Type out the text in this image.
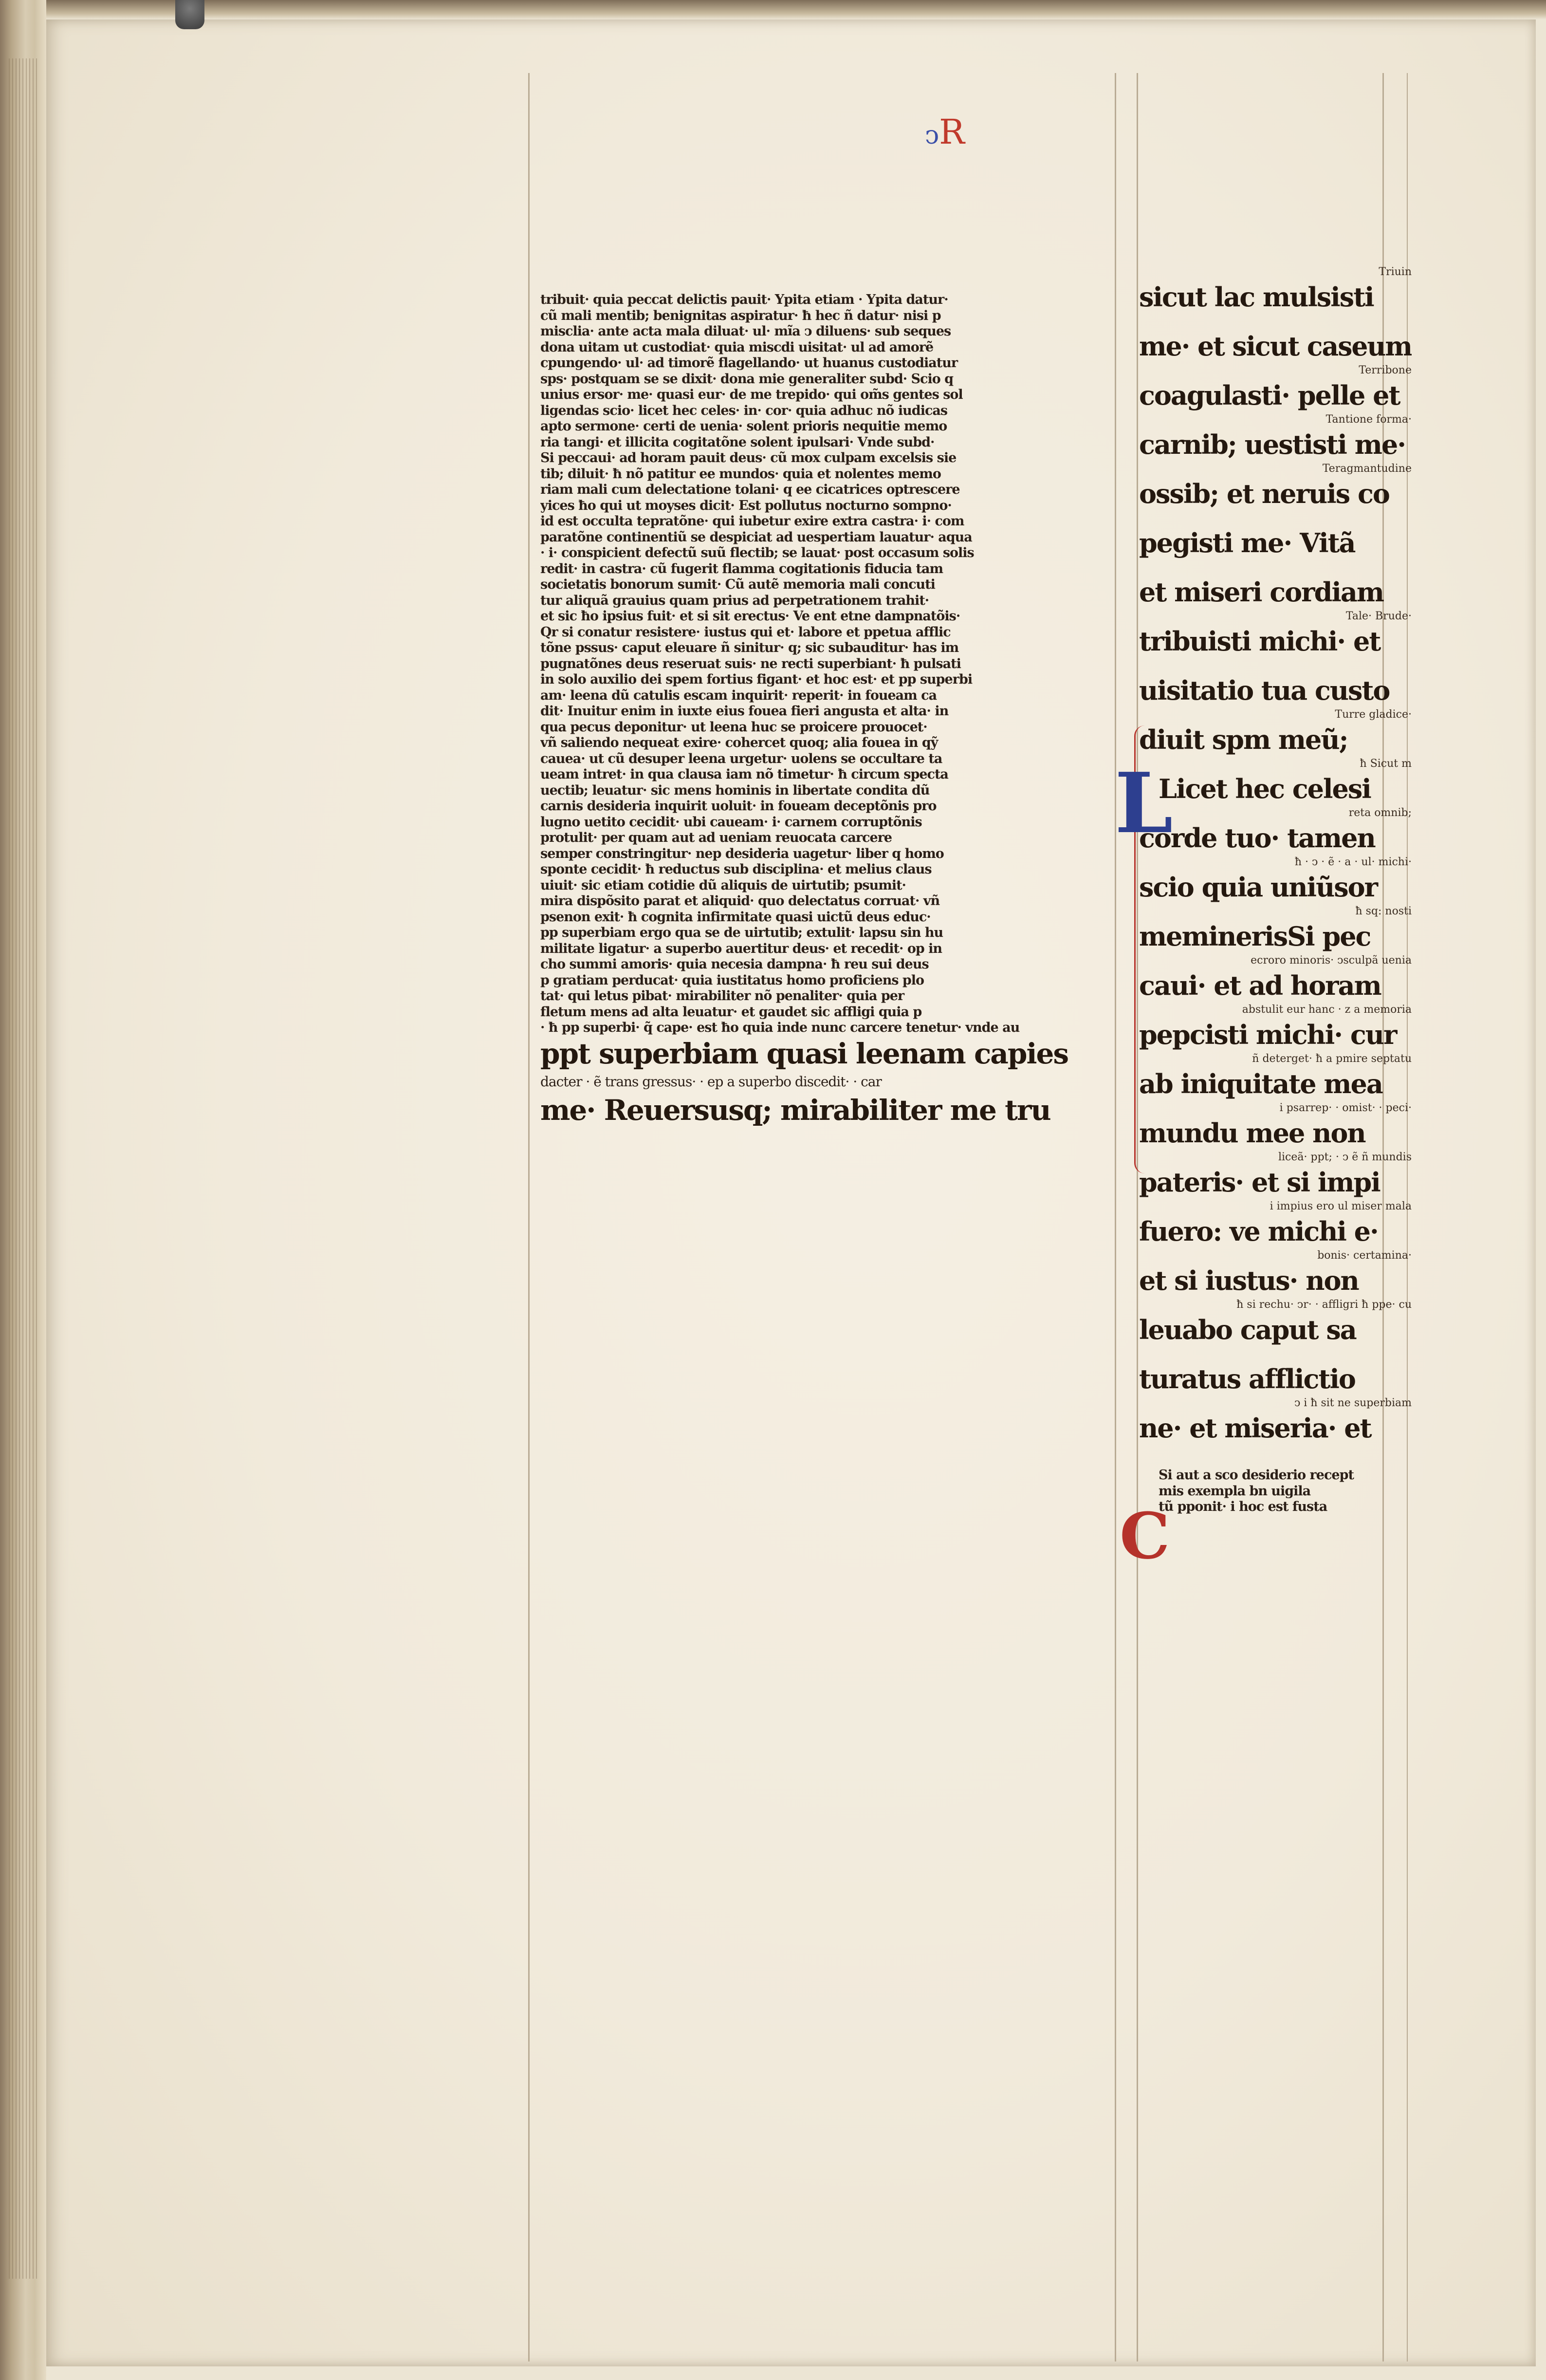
ↄR
tribuit· quia peccat delictis pauit· Ypita etiam · Ypita datur·
cũ mali mentib; benignitas aspiratur· ħ hec ñ datur· nisi p
misclia· ante acta mala diluat· ul· mĩa ↄ diluens· sub seques
dona uitam ut custodiat· quia miscdi uisitat· ul ad amorẽ
cpungendo· ul· ad timorẽ flagellando· ut huanus custodiatur
sps· postquam se se dixit· dona mie generaliter subd· Scio q
unius ersor· me· quasi eur· de me trepido· qui om̃s gentes sol
ligendas scio· licet hec celes· in· cor· quia adhuc nõ iudicas
apto sermone· certi de uenia· solent prioris nequitie memo
ria tangi· et illicita cogitatõne solent ipulsari· Vnde subd·
Si peccaui· ad horam pauit deus· cũ mox culpam excelsis sie
tib; diluit· ħ nõ patitur ee mundos· quia et nolentes memo
riam mali cum delectatione tolani· q ee cicatrices optrescere
yices ħo qui ut moyses dicit· Est pollutus nocturno sompno·
id est occulta tepratõne· qui iubetur exire extra castra· i· com
paratõne continentiũ se despiciat ad uespertiam lauatur· aqua
· i· conspicient defectũ suũ flectib; se lauat· post occasum solis
redit· in castra· cũ fugerit flamma cogitationis fiducia tam
societatis bonorum sumit· Cũ autẽ memoria mali concuti
tur aliquã grauius quam prius ad perpetrationem trahit·
et sic ħo ipsius fuit· et si sit erectus· Ve ent etne dampnatõis·
Qr si conatur resistere· iustus qui et· labore et ppetua afflic
tõne pssus· caput eleuare ñ sinitur· q; sic subauditur· has im
pugnatõnes deus reseruat suis· ne recti superbiant· ħ pulsati
in solo auxilio dei spem fortius figant· et hoc est· et pp superbi
am· leena dũ catulis escam inquirit· reperit· in foueam ca
dit· Inuitur enim in iuxte eius fouea fieri angusta et alta· in
qua pecus deponitur· ut leena huc se proicere prouocet·
vñ saliendo nequeat exire· cohercet quoq; alia fouea in qỹ
cauea· ut cũ desuper leena urgetur· uolens se occultare ta
ueam intret· in qua clausa iam nõ timetur· ħ circum specta
uectib; leuatur· sic mens hominis in libertate condita dũ
carnis desideria inquirit uoluit· in foueam deceptõnis pro
lugno uetito cecidit· ubi caueam· i· carnem corruptõnis
protulit· per quam aut ad ueniam reuocata carcere
semper constringitur· nep desideria uagetur· liber q homo
sponte cecidit· ħ reductus sub disciplina· et melius claus
uiuit· sic etiam cotidie dũ aliquis de uirtutib; psumit·
mira dispõsito parat et aliquid· quo delectatus corruat· vñ
psenon exit· ħ cognita infirmitate quasi uictũ deus educ·
pp superbiam ergo qua se de uirtutib; extulit· lapsu sin hu
militate ligatur· a superbo auertitur deus· et recedit· op in
cho summi amoris· quia necesia dampna· ħ reu sui deus
p gratiam perducat· quia iustitatus homo proficiens plo
tat· qui letus pibat· mirabiliter nõ penaliter· quia per
fletum mens ad alta leuatur· et gaudet sic affligi quia p
· ħ pp superbi· q̃ cape· est ħo quia inde nunc carcere tenetur· vnde au
ppt superbiam quasi leenam capies
dacter · ẽ trans gressus· · ep a superbo discedit· · car
me· Reuersusq; mirabiliter me tru
L
C
sicut lac mulsisti
me· et sicut caseum
Terribone
coagulasti· pelle et
Tantione forma·
carnib; uestisti me·
Teragmantudine
ossib; et neruis co
pegisti me· Vitã
et miseri cordiam
Tale· Brude·
tribuisti michi· et
uisitatio tua custo
Turre gladice·
diuit spm meũ;
ħ Sicut m
Licet hec celesi
reta omnib;
corde tuo· tamen
ħ · ↄ · ẽ · a · ul· michi·
scio quia uniũsor
ħ sq: nosti
meminerisSi pec
ecroro minoris· ↄsculpã uenia
caui· et ad horam
abstulit eur hanc · z a memoria
pepcisti michi· cur
ñ deterget· ħ a pmire septatu
ab iniquitate mea
i psarrep· · omist· · peci·
mundu mee non
liceã· ppt; · ↄ ẽ ñ mundis
pateris· et si impi
i impius ero ul miser mala
fuero: ve michi e·
bonis· certamina·
et si iustus· non
ħ si rechu· ↄr· · affligri ħ ppe· cu
leuabo caput sa
turatus afflictio
ↄ i ħ sit ne superbiam
ne· et miseria· et
Si aut a sco desiderio recept
mis exempla bn uigila
tũ pponit· i hoc est fusta
